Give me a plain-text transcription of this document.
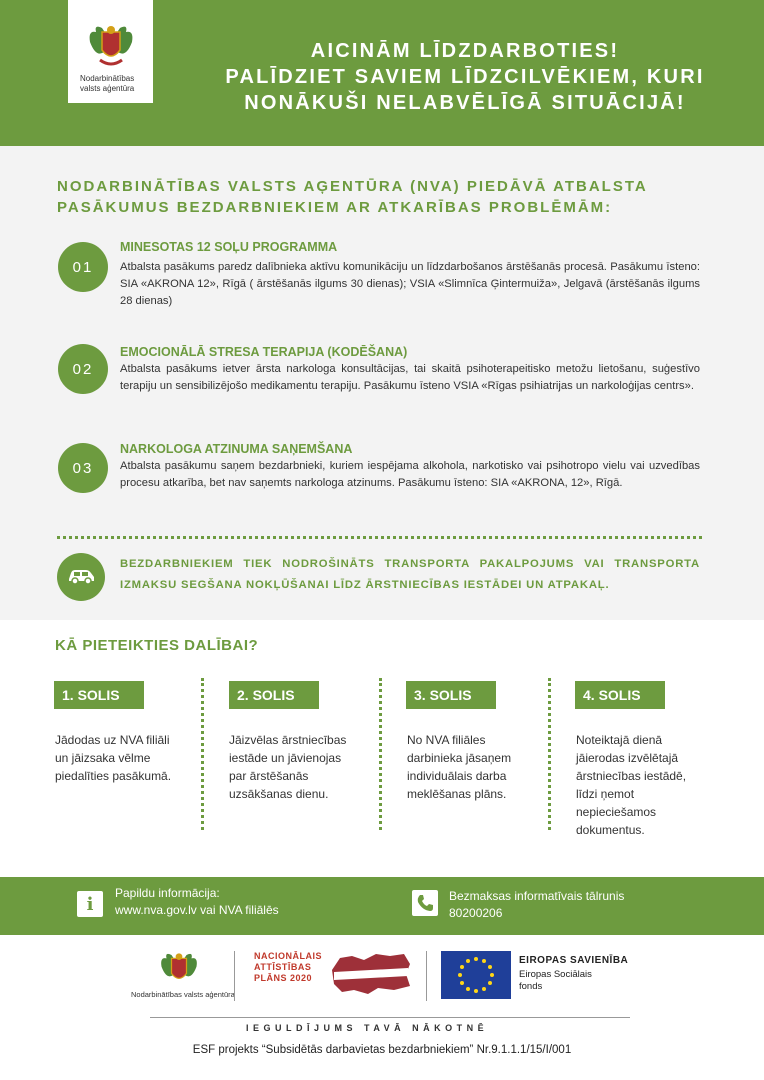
Nodarbinātības valsts aģentūra
AICINĀM LĪDZDARBOTIES!
PALĪDZIET SAVIEM LĪDZCILVĒKIEM, KURI
NONĀKUŠI NELABVĒLĪGĀ SITUĀCIJĀ!
NODARBINĀTĪBAS VALSTS AĢENTŪRA (NVA) PIEDĀVĀ ATBALSTA
PASĀKUMUS BEZDARBNIEKIEM AR ATKARĪBAS PROBLĒMĀM:
01
MINESOTAS 12 SOĻU PROGRAMMA
Atbalsta pasākums paredz dalībnieka aktīvu komunikāciju un līdzdarbošanos ārstēšanās procesā. Pasākumu īsteno: SIA «AKRONA 12», Rīgā ( ārstēšanās ilgums 30 dienas); VSIA «Slimnīca Ģintermuiža», Jelgavā (ārstēšanās ilgums 28 dienas)
02
EMOCIONĀLĀ STRESA TERAPIJA (KODĒŠANA)
Atbalsta pasākums ietver ārsta narkologa konsultācijas, tai skaitā psihoterapeitisko metožu lietošanu, suģestīvo terapiju un sensibilizējošo medikamentu terapiju. Pasākumu īsteno VSIA «Rīgas psihiatrijas un narkoloģijas centrs».
03
NARKOLOGA ATZINUMA SAŅEMŠANA
Atbalsta pasākumu saņem bezdarbnieki, kuriem iespējama alkohola, narkotisko vai psihotropo vielu vai uzvedības procesu atkarība, bet nav saņemts narkologa atzinums. Pasākumu īsteno: SIA «AKRONA, 12», Rīgā.
BEZDARBNIEKIEM TIEK NODROŠINĀTS TRANSPORTA PAKALPOJUMS VAI TRANSPORTA IZMAKSU SEGŠANA NOKĻŪŠANAI LĪDZ ĀRSTNIECĪBAS IESTĀDEI UN ATPAKAĻ.
KĀ PIETEIKTIES DALĪBAI?
1. SOLIS
Jādodas uz NVA filiāli un jāizsaka vēlme piedalīties pasākumā.
2. SOLIS
Jāizvēlas ārstniecības iestāde un jāvienojas par ārstēšanās uzsākšanas dienu.
3. SOLIS
No NVA filiāles darbinieka jāsaņem individuālais darba meklēšanas plāns.
4. SOLIS
Noteiktajā dienā jāierodas izvēlētajā ārstniecības iestādē, līdzi ņemot nepieciešamos dokumentus.
i
Papildu informācija:
www.nva.gov.lv vai NVA filiālēs
Bezmaksas informatīvais tālrunis
80200206
Nodarbinātības valsts aģentūra
NACIONĀLAIS
ATTĪSTĪBAS
PLĀNS 2020
EIROPAS SAVIENĪBA
Eiropas Sociālais
fonds
IEGULDĪJUMS TAVĀ NĀKOTNĒ
ESF projekts “Subsidētās darbavietas bezdarbniekiem” Nr.9.1.1.1/15/I/001
